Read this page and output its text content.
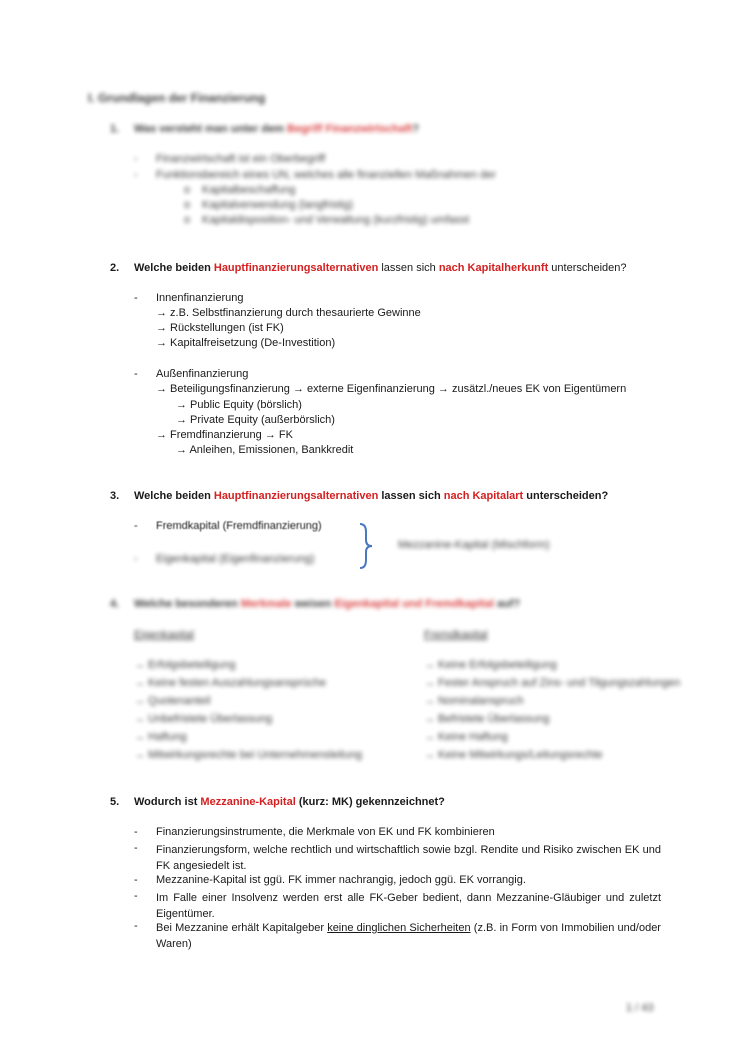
I. Grundlagen der Finanzierung
1. Was versteht man unter dem Begriff Finanzwirtschaft?
- Finanzwirtschaft ist ein Oberbegriff
- Funktionsbereich eines UN, welches alle finanziellen Maßnahmen der
o Kapitalbeschaffung
o Kapitalverwendung (langfristig)
o Kapitaldisposition- und Verwaltung (kurzfristig) umfasst
2. Welche beiden Hauptfinanzierungsalternativen lassen sich nach Kapitalherkunft unterscheiden?
- Innenfinanzierung
→ z.B. Selbstfinanzierung durch thesaurierte Gewinne
→ Rückstellungen (ist FK)
→ Kapitalfreisetzung (De-Investition)
- Außenfinanzierung
→ Beteiligungsfinanzierung → externe Eigenfinanzierung → zusätzl./neues EK von Eigentümern
→ Public Equity (börslich)
→ Private Equity (außerbörslich)
→ Fremdfinanzierung → FK
→ Anleihen, Emissionen, Bankkredit
3. Welche beiden Hauptfinanzierungsalternativen lassen sich nach Kapitalart unterscheiden?
- Fremdkapital (Fremdfinanzierung)
- Eigenkapital (Eigenfinanzierung)
Mezzanine-Kapital (Mischform)
4. Welche besonderen Merkmale weisen Eigenkapital und Fremdkapital auf?
Eigenkapital	Fremdkapital
→ Erfolgsbeteiligung
→ Keine festen Auszahlungsansprüche
→ Quotenanteil
→ Unbefristete Überlassung
→ Haftung
→ Mitwirkungsrechte bei Unternehmensleitung
→ Keine Erfolgsbeteiligung
→ Fester Anspruch auf Zins- und Tilgungszahlungen
→ Nominalanspruch
→ Befristete Überlassung
→ Keine Haftung
→ Keine Mitwirkungs/Leitungsrechte
5. Wodurch ist Mezzanine-Kapital (kurz: MK) gekennzeichnet?
- Finanzierungsinstrumente, die Merkmale von EK und FK kombinieren
- Finanzierungsform, welche rechtlich und wirtschaftlich sowie bzgl. Rendite und Risiko zwischen EK und FK angesiedelt ist.
- Mezzanine-Kapital ist ggü. FK immer nachrangig, jedoch ggü. EK vorrangig.
- Im Falle einer Insolvenz werden erst alle FK-Geber bedient, dann Mezzanine-Gläubiger und zuletzt Eigentümer.
- Bei Mezzanine erhält Kapitalgeber keine dinglichen Sicherheiten (z.B. in Form von Immobilien und/oder Waren)
1 / 43
